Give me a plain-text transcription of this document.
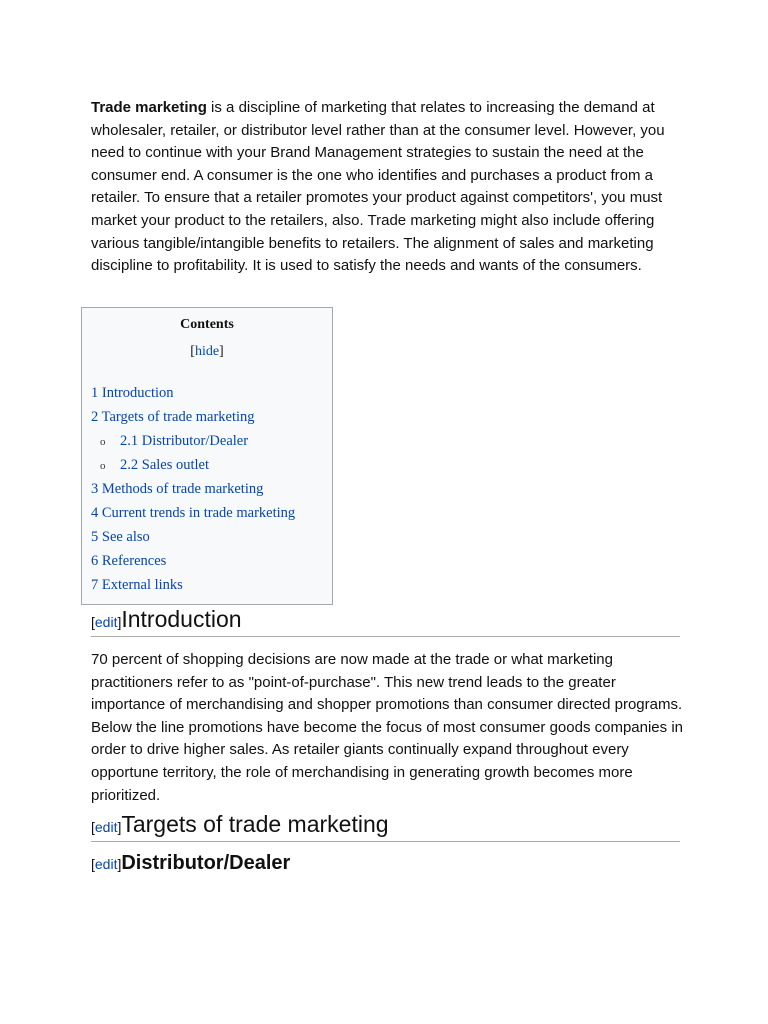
Trade marketing is a discipline of marketing that relates to increasing the demand at wholesaler, retailer, or distributor level rather than at the consumer level. However, you need to continue with your Brand Management strategies to sustain the need at the consumer end. A consumer is the one who identifies and purchases a product from a retailer. To ensure that a retailer promotes your product against competitors', you must market your product to the retailers, also. Trade marketing might also include offering various tangible/intangible benefits to retailers. The alignment of sales and marketing discipline to profitability. It is used to satisfy the needs and wants of the consumers.

Contents
[hide]
1 Introduction
2 Targets of trade marketing
o 2.1 Distributor/Dealer
o 2.2 Sales outlet
3 Methods of trade marketing
4 Current trends in trade marketing
5 See also
6 References
7 External links
[edit]Introduction

70 percent of shopping decisions are now made at the trade or what marketing practitioners refer to as "point-of-purchase". This new trend leads to the greater importance of merchandising and shopper promotions than consumer directed programs. Below the line promotions have become the focus of most consumer goods companies in order to drive higher sales. As retailer giants continually expand throughout every opportune territory, the role of merchandising in generating growth becomes more prioritized.

[edit]Targets of trade marketing
[edit]Distributor/Dealer
